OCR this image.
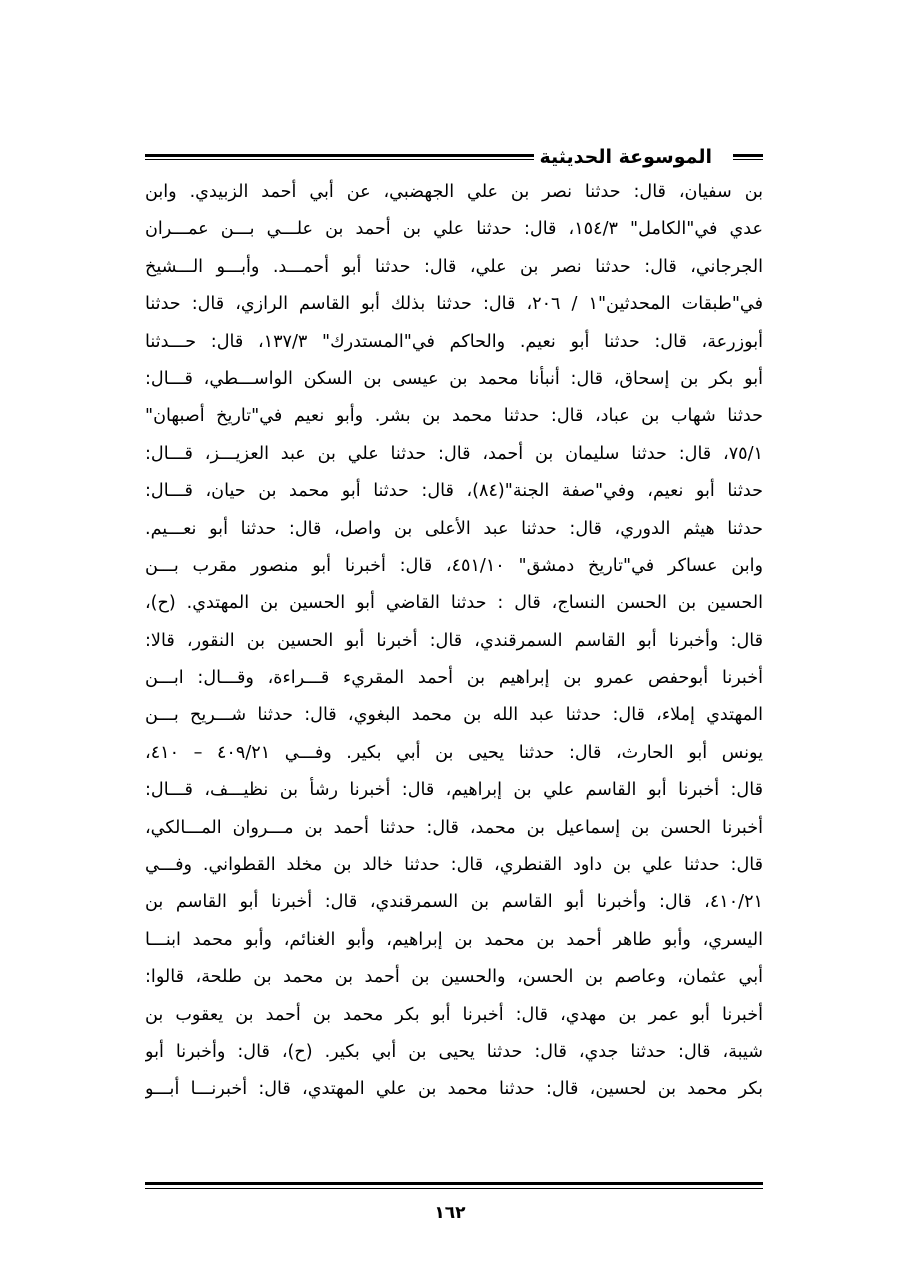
الموسوعة الحديثية
بن سفيان، قال: حدثنا نصر بن علي الجهضبي، عن أبي أحمد الزبيدي. وابن
عدي في"الكامل" ١٥٤/٣، قال: حدثنا علي بن أحمد بن علـــي بـــن عمـــران
الجرجاني، قال: حدثنا نصر بن علي، قال: حدثنا أبو أحمـــد. وأبـــو الـــشيخ
في"طبقات المحدثين"١ / ٢٠٦، قال: حدثنا بذلك أبو القاسم الرازي، قال: حدثنا
أبوزرعة، قال: حدثنا أبو نعيم. والحاكم في"المستدرك" ١٣٧/٣، قال: حـــدثنا
أبو بكر بن إسحاق، قال: أنبأنا محمد بن عيسى بن السكن الواســـطي، قـــال:
حدثنا شهاب بن عباد، قال: حدثنا محمد بن بشر. وأبو نعيم في"تاريخ أصبهان"
٧٥/١، قال: حدثنا سليمان بن أحمد، قال: حدثنا علي بن عبد العزيـــز، قـــال:
حدثنا أبو نعيم، وفي"صفة الجنة"(٨٤)، قال: حدثنا أبو محمد بن حيان، قـــال:
حدثنا هيثم الدوري، قال: حدثنا عبد الأعلى بن واصل، قال: حدثنا أبو نعـــيم.
وابن عساكر في"تاريخ دمشق" ٤٥١/١٠، قال: أخبرنا أبو منصور مقرب بـــن
الحسين بن الحسن النساج، قال : حدثنا القاضي أبو الحسين بن المهتدي. (ح)،
قال: وأخبرنا أبو القاسم السمرقندي، قال: أخبرنا أبو الحسين بن النقور، قالا:
أخبرنا أبوحفص عمرو بن إبراهيم بن أحمد المقريء قـــراءة، وقـــال: ابـــن
المهتدي إملاء، قال: حدثنا عبد الله بن محمد البغوي، قال: حدثنا شـــريح بـــن
يونس أبو الحارث، قال: حدثنا يحيى بن أبي بكير. وفـــي ٤٠٩/٢١ – ٤١٠،
قال: أخبرنا أبو القاسم علي بن إبراهيم، قال: أخبرنا رشأ بن نظيـــف، قـــال:
أخبرنا الحسن بن إسماعيل بن محمد، قال: حدثنا أحمد بن مـــروان المـــالكي،
قال: حدثنا علي بن داود القنطري، قال: حدثنا خالد بن مخلد القطواني. وفـــي
٤١٠/٢١، قال: وأخبرنا أبو القاسم بن السمرقندي، قال: أخبرنا أبو القاسم بن
اليسري، وأبو طاهر أحمد بن محمد بن إبراهيم، وأبو الغنائم، وأبو محمد ابنـــا
أبي عثمان، وعاصم بن الحسن، والحسين بن أحمد بن محمد بن طلحة، قالوا:
أخبرنا أبو عمر بن مهدي، قال: أخبرنا أبو بكر محمد بن أحمد بن يعقوب بن
شيبة، قال: حدثنا جدي، قال: حدثنا يحيى بن أبي بكير. (ح)، قال: وأخبرنا أبو
بكر محمد بن لحسين، قال: حدثنا محمد بن علي المهتدي، قال: أخبرنـــا أبـــو
١٦٢
